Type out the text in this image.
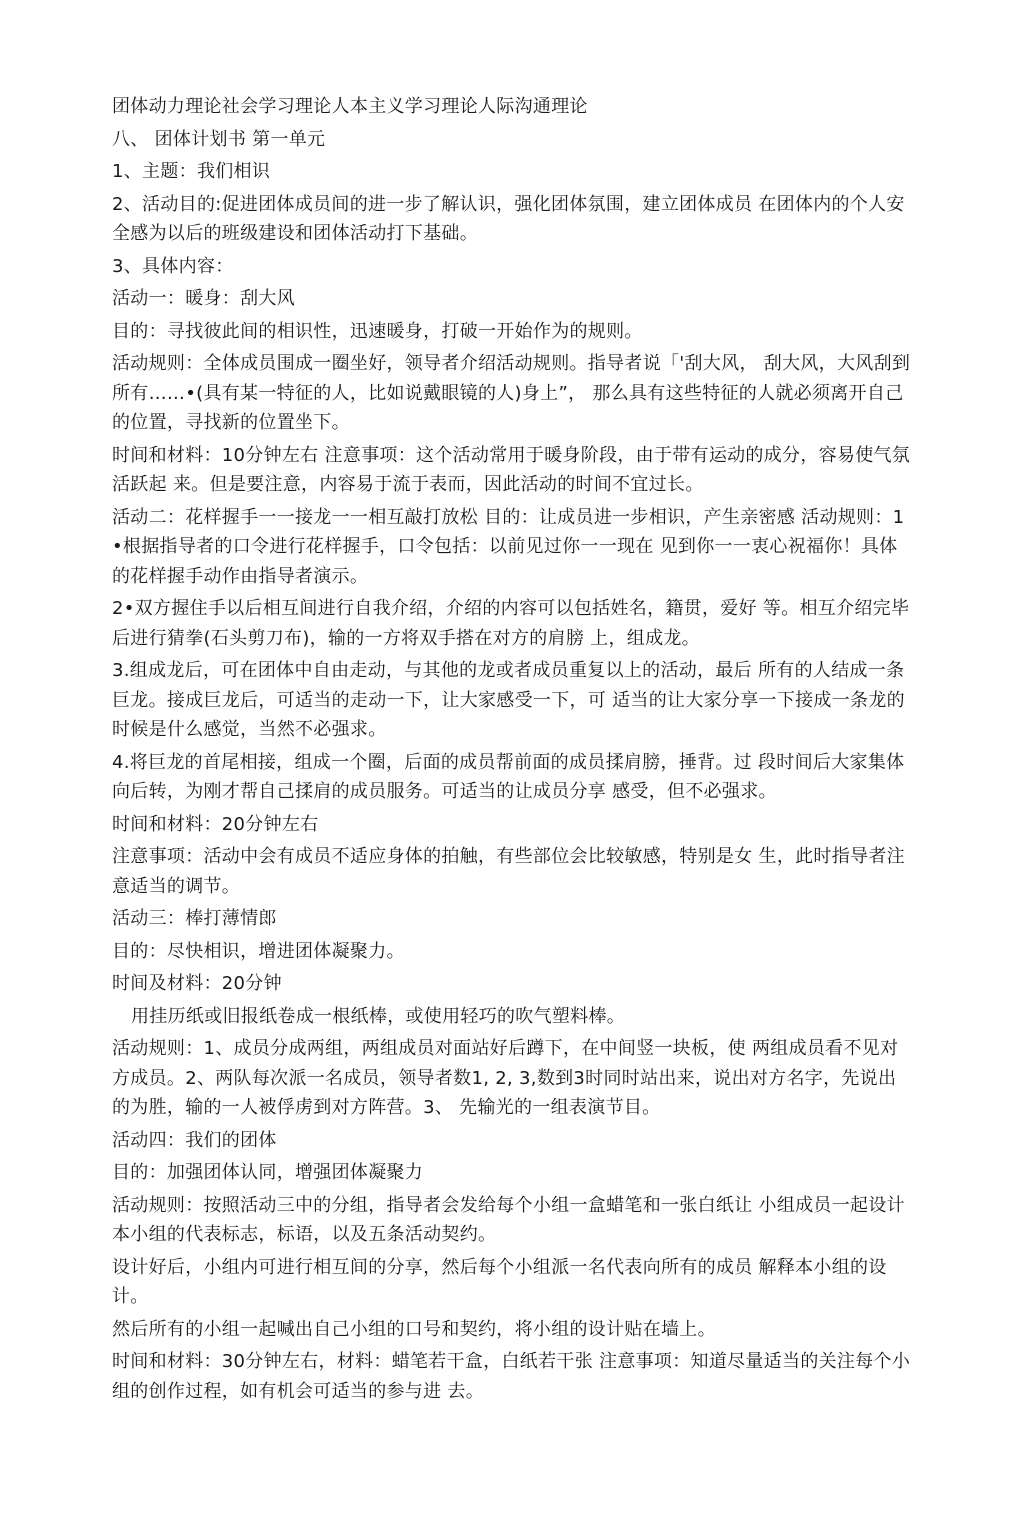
团体动力理论社会学习理论人本主义学习理论人际沟通理论

八、 团体计划书 第一单元

1、主题：我们相识

2、活动目的:促进团体成员间的进一步了解认识，强化团体氛围，建立团体成员 在团体内的个人安全感为以后的班级建设和团体活动打下基础。

3、具体内容：

活动一：暖身：刮大风

目的：寻找彼此间的相识性，迅速暖身，打破一开始作为的规则。

活动规则：全体成员围成一圈坐好，领导者介绍活动规则。指导者说「'刮大风， 刮大风，大风刮到所有……•(具有某一特征的人，比如说戴眼镜的人)身上”， 那么具有这些特征的人就必须离开自己的位置，寻找新的位置坐下。

时间和材料：10分钟左右 注意事项：这个活动常用于暖身阶段，由于带有运动的成分，容易使气氛活跃起 来。但是要注意，内容易于流于表而，因此活动的时间不宜过长。

活动二：花样握手一一接龙一一相互敲打放松 目的：让成员进一步相识，产生亲密感 活动规则：1•根据指导者的口令进行花样握手，口令包括：以前见过你一一现在 见到你一一衷心祝福你！具体的花样握手动作由指导者演示。

2•双方握住手以后相互间进行自我介绍，介绍的内容可以包括姓名，籍贯，爱好 等。相互介绍完毕后进行猜拳(石头剪刀布)，输的一方将双手搭在对方的肩膀 上，组成龙。

3.组成龙后，可在团体中自由走动，与其他的龙或者成员重复以上的活动，最后 所有的人结成一条巨龙。接成巨龙后，可适当的走动一下，让大家感受一下，可 适当的让大家分享一下接成一条龙的时候是什么感觉，当然不必强求。

4.将巨龙的首尾相接，组成一个圈，后面的成员帮前面的成员揉肩膀，捶背。过 段时间后大家集体向后转，为刚才帮自己揉肩的成员服务。可适当的让成员分享 感受，但不必强求。

时间和材料：20分钟左右

注意事项：活动中会有成员不适应身体的拍触，有些部位会比较敏感，特别是女 生，此时指导者注意适当的调节。

活动三：棒打薄情郎

目的：尽快相识，增进团体凝聚力。

时间及材料：20分钟

用挂历纸或旧报纸卷成一根纸棒，或使用轻巧的吹气塑料棒。

活动规则：1、成员分成两组，两组成员对面站好后蹲下，在中间竖一块板，使 两组成员看不见对方成员。2、两队每次派一名成员，领导者数1, 2, 3,数到3时同时站出来，说出对方名字，先说出的为胜，输的一人被俘虏到对方阵营。3、 先输光的一组表演节目。

活动四：我们的团体

目的：加强团体认同，增强团体凝聚力

活动规则：按照活动三中的分组，指导者会发给每个小组一盒蜡笔和一张白纸让 小组成员一起设计本小组的代表标志，标语，以及五条活动契约。

设计好后，小组内可进行相互间的分享，然后每个小组派一名代表向所有的成员 解释本小组的设计。

然后所有的小组一起喊出自己小组的口号和契约，将小组的设计贴在墙上。

时间和材料：30分钟左右，材料：蜡笔若干盒，白纸若干张 注意事项：知道尽量适当的关注每个小组的创作过程，如有机会可适当的参与进 去。
